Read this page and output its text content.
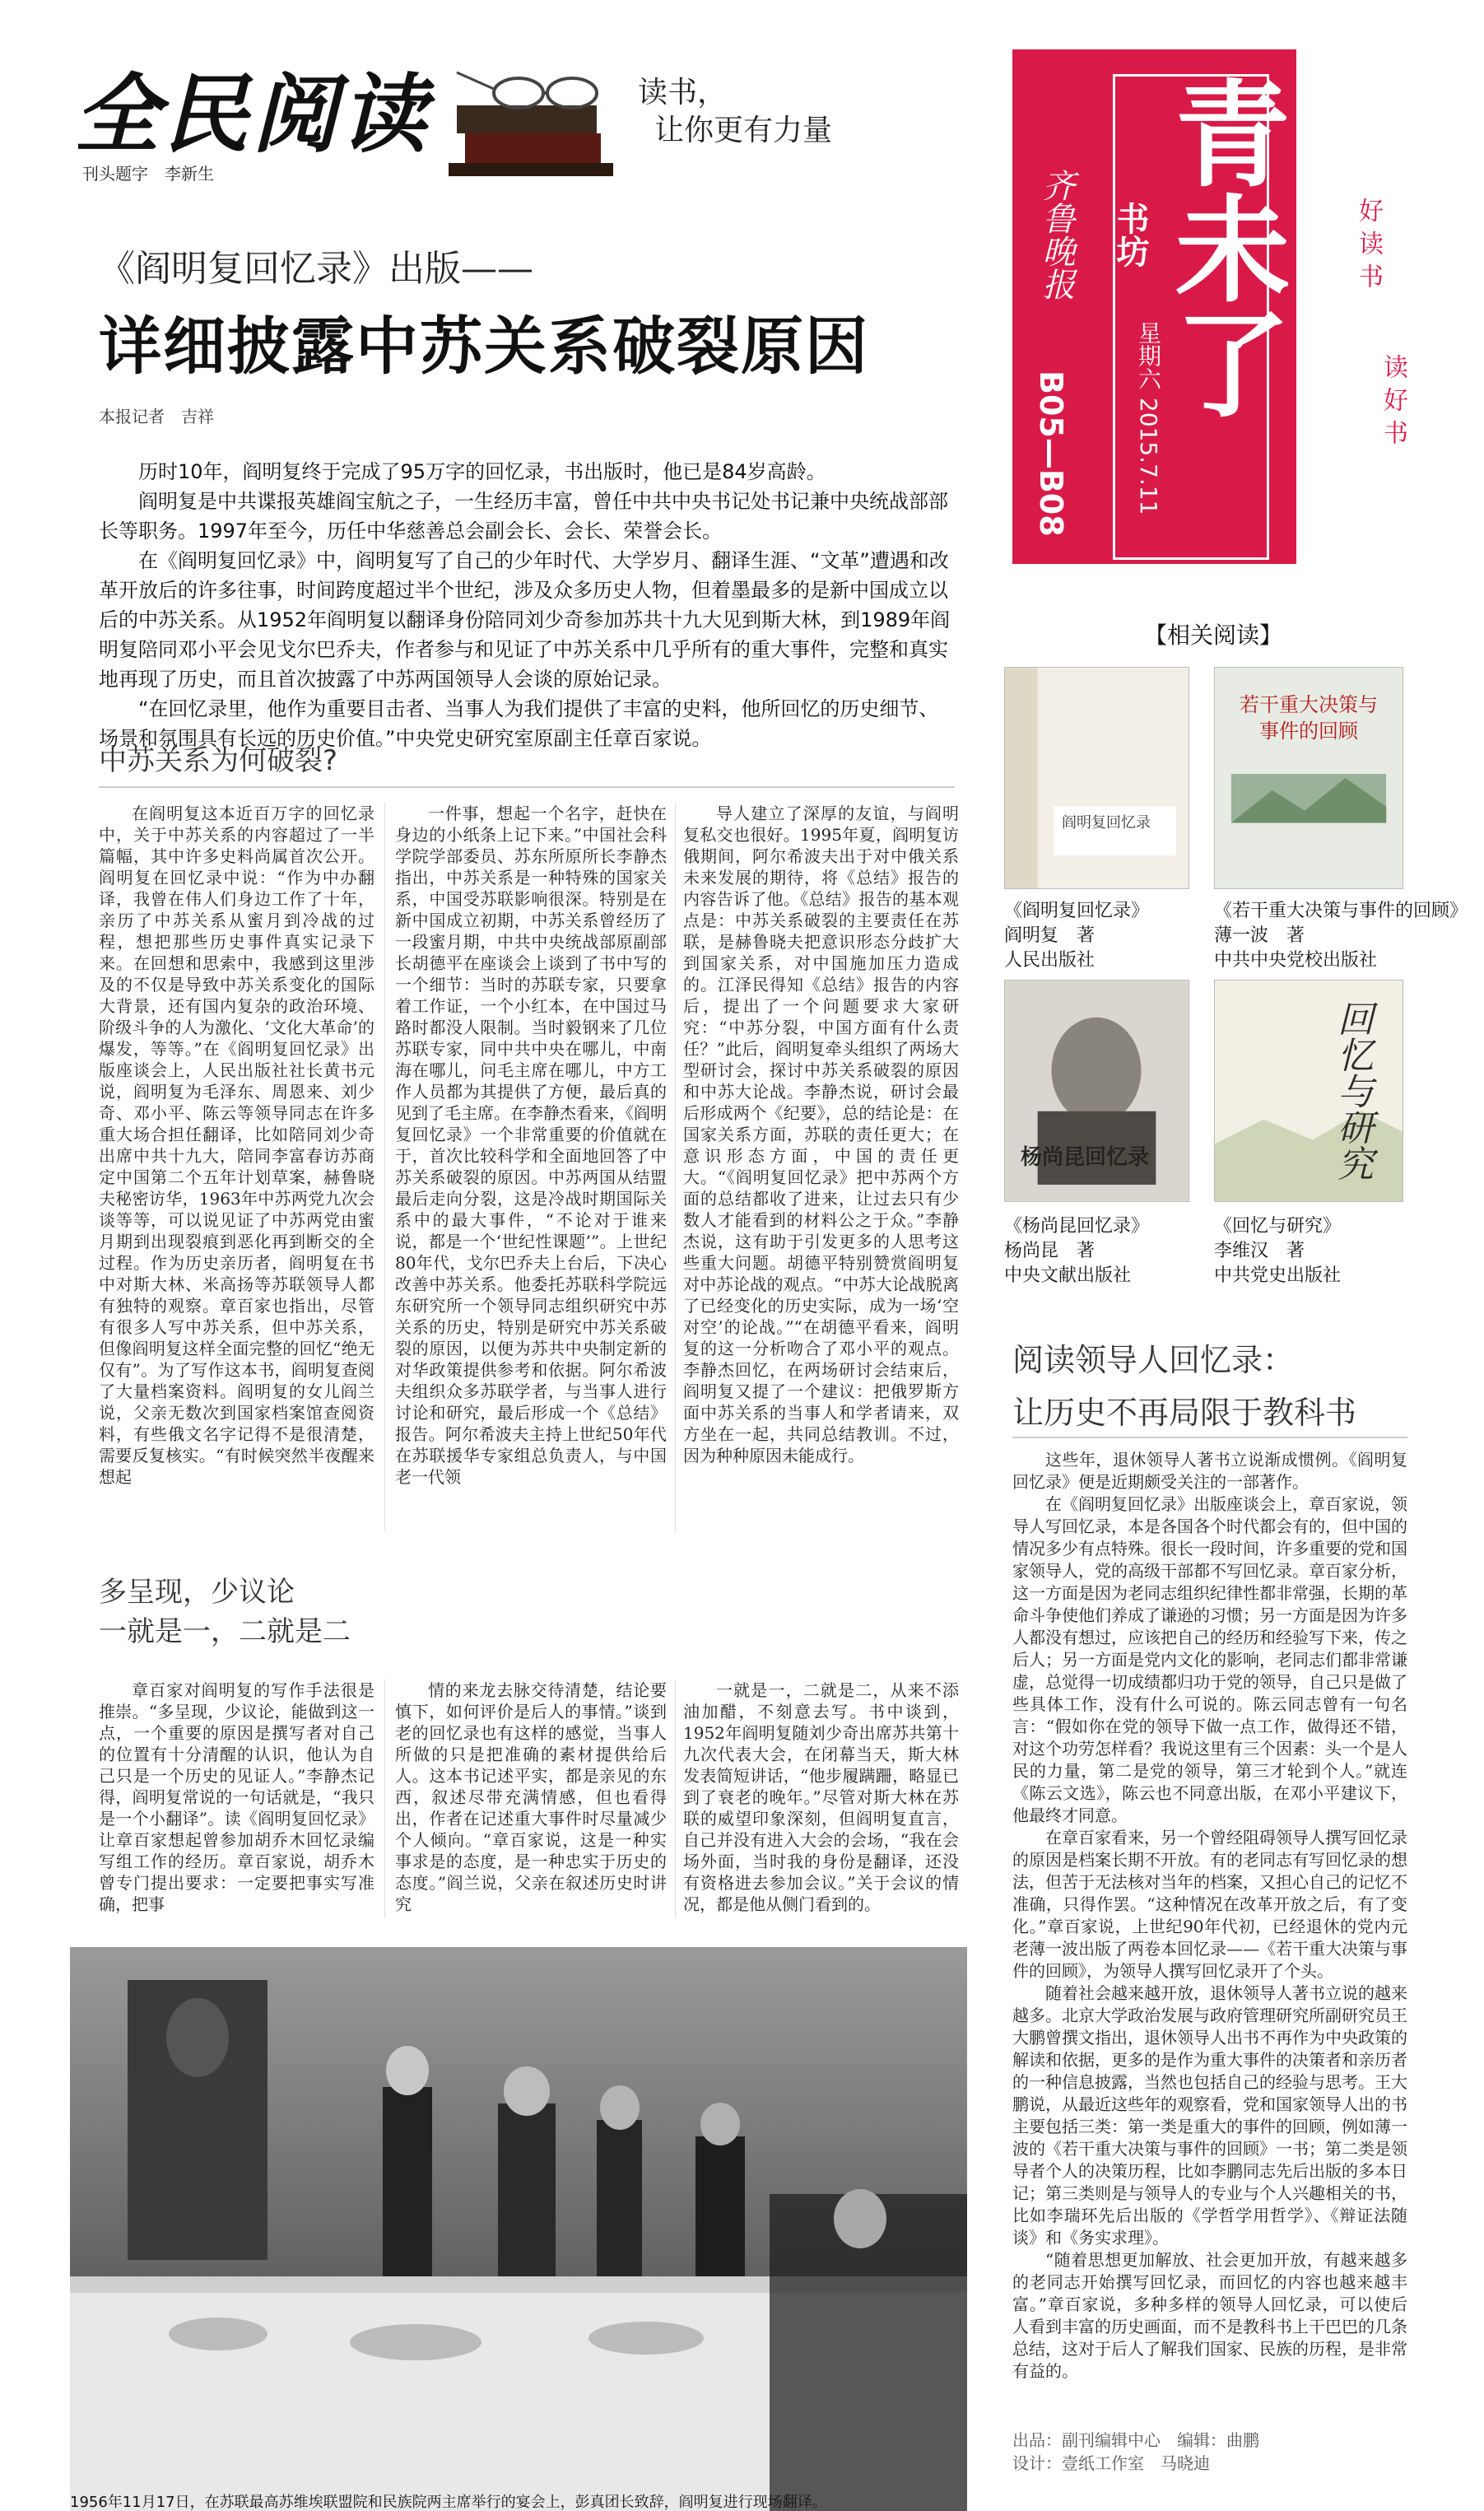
全民阅读	读书，
让你更有力量
刊头题字　李新生	青未了
书坊
星期六 2015.7.11
齐鲁晚报
B05—B08
好读书
读好书
《阎明复回忆录》出版——
详细披露中苏关系破裂原因
本报记者　吉祥

历时10年，阎明复终于完成了95万字的回忆录，书出版时，他已是84岁高龄。

阎明复是中共谍报英雄阎宝航之子，一生经历丰富，曾任中共中央书记处书记兼中央统战部部长等职务。1997年至今，历任中华慈善总会副会长、会长、荣誉会长。

在《阎明复回忆录》中，阎明复写了自己的少年时代、大学岁月、翻译生涯、“文革”遭遇和改革开放后的许多往事，时间跨度超过半个世纪，涉及众多历史人物，但着墨最多的是新中国成立以后的中苏关系。从1952年阎明复以翻译身份陪同刘少奇参加苏共十九大见到斯大林，到1989年阎明复陪同邓小平会见戈尔巴乔夫，作者参与和见证了中苏关系中几乎所有的重大事件，完整和真实地再现了历史，而且首次披露了中苏两国领导人会谈的原始记录。

“在回忆录里，他作为重要目击者、当事人为我们提供了丰富的史料，他所回忆的历史细节、场景和氛围具有长远的历史价值。”中央党史研究室原副主任章百家说。

中苏关系为何破裂?
在阎明复这本近百万字的回忆录中，关于中苏关系的内容超过了一半篇幅，其中许多史料尚属首次公开。阎明复在回忆录中说：“作为中办翻译，我曾在伟人们身边工作了十年，亲历了中苏关系从蜜月到冷战的过程，想把那些历史事件真实记录下来。在回想和思索中，我感到这里涉及的不仅是导致中苏关系变化的国际大背景，还有国内复杂的政治环境、阶级斗争的人为激化、‘文化大革命’的爆发，等等。”在《阎明复回忆录》出版座谈会上，人民出版社社长黄书元说，阎明复为毛泽东、周恩来、刘少奇、邓小平、陈云等领导同志在许多重大场合担任翻译，比如陪同刘少奇出席中共十九大，陪同李富春访苏商定中国第二个五年计划草案，赫鲁晓夫秘密访华，1963年中苏两党九次会谈等等，可以说见证了中苏两党由蜜月期到出现裂痕到恶化再到断交的全过程。作为历史亲历者，阎明复在书中对斯大林、米高扬等苏联领导人都有独特的观察。章百家也指出，尽管有很多人写中苏关系，但中苏关系，但像阎明复这样全面完整的回忆“绝无仅有”。为了写作这本书，阎明复查阅了大量档案资料。阎明复的女儿阎兰说，父亲无数次到国家档案馆查阅资料，有些俄文名字记得不是很清楚，需要反复核实。“有时候突然半夜醒来想起
一件事，想起一个名字，赶快在身边的小纸条上记下来。”中国社会科学院学部委员、苏东所原所长李静杰指出，中苏关系是一种特殊的国家关系，中国受苏联影响很深。特别是在新中国成立初期，中苏关系曾经历了一段蜜月期，中共中央统战部原副部长胡德平在座谈会上谈到了书中写的一个细节：当时的苏联专家，只要拿着工作证，一个小红本，在中国过马路时都没人限制。当时毅钢来了几位苏联专家，同中共中央在哪儿，中南海在哪儿，问毛主席在哪儿，中方工作人员都为其提供了方便，最后真的见到了毛主席。在李静杰看来，《阎明复回忆录》一个非常重要的价值就在于，首次比较科学和全面地回答了中苏关系破裂的原因。中苏两国从结盟最后走向分裂，这是冷战时期国际关系中的最大事件，“不论对于谁来说，都是一个‘世纪性课题’”。上世纪80年代，戈尔巴乔夫上台后，下决心改善中苏关系。他委托苏联科学院远东研究所一个领导同志组织研究中苏关系的历史，特别是研究中苏关系破裂的原因，以便为苏共中央制定新的对华政策提供参考和依据。阿尔希波夫组织众多苏联学者，与当事人进行讨论和研究，最后形成一个《总结》报告。阿尔希波夫主持上世纪50年代在苏联援华专家组总负责人，与中国老一代领
导人建立了深厚的友谊，与阎明复私交也很好。1995年夏，阎明复访俄期间，阿尔希波夫出于对中俄关系未来发展的期待，将《总结》报告的内容告诉了他。《总结》报告的基本观点是：中苏关系破裂的主要责任在苏联，是赫鲁晓夫把意识形态分歧扩大到国家关系，对中国施加压力造成的。江泽民得知《总结》报告的内容后，提出了一个问题要求大家研究：“中苏分裂，中国方面有什么责任？”此后，阎明复牵头组织了两场大型研讨会，探讨中苏关系破裂的原因和中苏大论战。李静杰说，研讨会最后形成两个《纪要》，总的结论是：在国家关系方面，苏联的责任更大；在意识形态方面，中国的责任更大。“《阎明复回忆录》把中苏两个方面的总结都收了进来，让过去只有少数人才能看到的材料公之于众。”李静杰说，这有助于引发更多的人思考这些重大问题。胡德平特别赞赏阎明复对中苏论战的观点。“中苏大论战脱离了已经变化的历史实际，成为一场‘空对空’的论战。”“在胡德平看来，阎明复的这一分析吻合了邓小平的观点。李静杰回忆，在两场研讨会结束后，阎明复又提了一个建议：把俄罗斯方面中苏关系的当事人和学者请来，双方坐在一起，共同总结教训。不过，因为种种原因未能成行。
多呈现，少议论
一就是一，二就是二
章百家对阎明复的写作手法很是推崇。“多呈现，少议论，能做到这一点，一个重要的原因是撰写者对自己的位置有十分清醒的认识，他认为自己只是一个历史的见证人。”李静杰记得，阎明复常说的一句话就是，“我只是一个小翻译”。读《阎明复回忆录》让章百家想起曾参加胡乔木回忆录编写组工作的经历。章百家说，胡乔木曾专门提出要求：一定要把事实写准确，把事
情的来龙去脉交待清楚，结论要慎下，如何评价是后人的事情。”谈到老的回忆录也有这样的感觉，当事人所做的只是把准确的素材提供给后人。这本书记述平实，都是亲见的东西，叙述尽带充满情感，但也看得出，作者在记述重大事件时尽量减少个人倾向。“章百家说，这是一种实事求是的态度，是一种忠实于历史的态度。”阎兰说，父亲在叙述历史时讲究
一就是一，二就是二，从来不添油加醋，不刻意去写。书中谈到，1952年阎明复随刘少奇出席苏共第十九次代表大会，在闭幕当天，斯大林发表简短讲话，“他步履蹒跚，略显已到了衰老的晚年。”尽管对斯大林在苏联的威望印象深刻，但阎明复直言，自己并没有进入大会的会场，“我在会场外面，当时我的身份是翻译，还没有资格进去参加会议。”关于会议的情况，都是他从侧门看到的。
1956年11月17日，在苏联最高苏维埃联盟院和民族院两主席举行的宴会上，彭真团长致辞，阎明复进行现场翻译。
【相关阅读】
阎明复回忆录
若干重大决策与事件的回顾
《阎明复回忆录》
阎明复　著
人民出版社
《若干重大决策与事件的回顾》
薄一波　著
中共中央党校出版社
杨尚昆回忆录	回忆与研究
《杨尚昆回忆录》
杨尚昆　著
中央文献出版社
《回忆与研究》
李维汉　著
中共党史出版社
阅读领导人回忆录：
让历史不再局限于教科书

这些年，退休领导人著书立说渐成惯例。《阎明复回忆录》便是近期颇受关注的一部著作。

在《阎明复回忆录》出版座谈会上，章百家说，领导人写回忆录，本是各国各个时代都会有的，但中国的情况多少有点特殊。很长一段时间，许多重要的党和国家领导人，党的高级干部都不写回忆录。章百家分析，这一方面是因为老同志组织纪律性都非常强，长期的革命斗争使他们养成了谦逊的习惯；另一方面是因为许多人都没有想过，应该把自己的经历和经验写下来，传之后人；另一方面是党内文化的影响，老同志们都非常谦虚，总觉得一切成绩都归功于党的领导，自己只是做了些具体工作，没有什么可说的。陈云同志曾有一句名言：“假如你在党的领导下做一点工作，做得还不错，对这个功劳怎样看？我说这里有三个因素：头一个是人民的力量，第二是党的领导，第三才轮到个人。”就连《陈云文选》，陈云也不同意出版，在邓小平建议下，他最终才同意。

在章百家看来，另一个曾经阻碍领导人撰写回忆录的原因是档案长期不开放。有的老同志有写回忆录的想法，但苦于无法核对当年的档案，又担心自己的记忆不准确，只得作罢。“这种情况在改革开放之后，有了变化。”章百家说，上世纪90年代初，已经退休的党内元老薄一波出版了两卷本回忆录——《若干重大决策与事件的回顾》，为领导人撰写回忆录开了个头。

随着社会越来越开放，退休领导人著书立说的越来越多。北京大学政治发展与政府管理研究所副研究员王大鹏曾撰文指出，退休领导人出书不再作为中央政策的解读和依据，更多的是作为重大事件的决策者和亲历者的一种信息披露，当然也包括自己的经验与思考。王大鹏说，从最近这些年的观察看，党和国家领导人出的书主要包括三类：第一类是重大的事件的回顾，例如薄一波的《若干重大决策与事件的回顾》一书；第二类是领导者个人的决策历程，比如李鹏同志先后出版的多本日记；第三类则是与领导人的专业与个人兴趣相关的书，比如李瑞环先后出版的《学哲学用哲学》、《辩证法随谈》和《务实求理》。

“随着思想更加解放、社会更加开放，有越来越多的老同志开始撰写回忆录，而回忆的内容也越来越丰富。”章百家说，多种多样的领导人回忆录，可以使后人看到丰富的历史画面，而不是教科书上干巴巴的几条总结，这对于后人了解我们国家、民族的历程，是非常有益的。

出品：副刊编辑中心　编辑：曲鹏
设计：壹纸工作室　马晓迪
